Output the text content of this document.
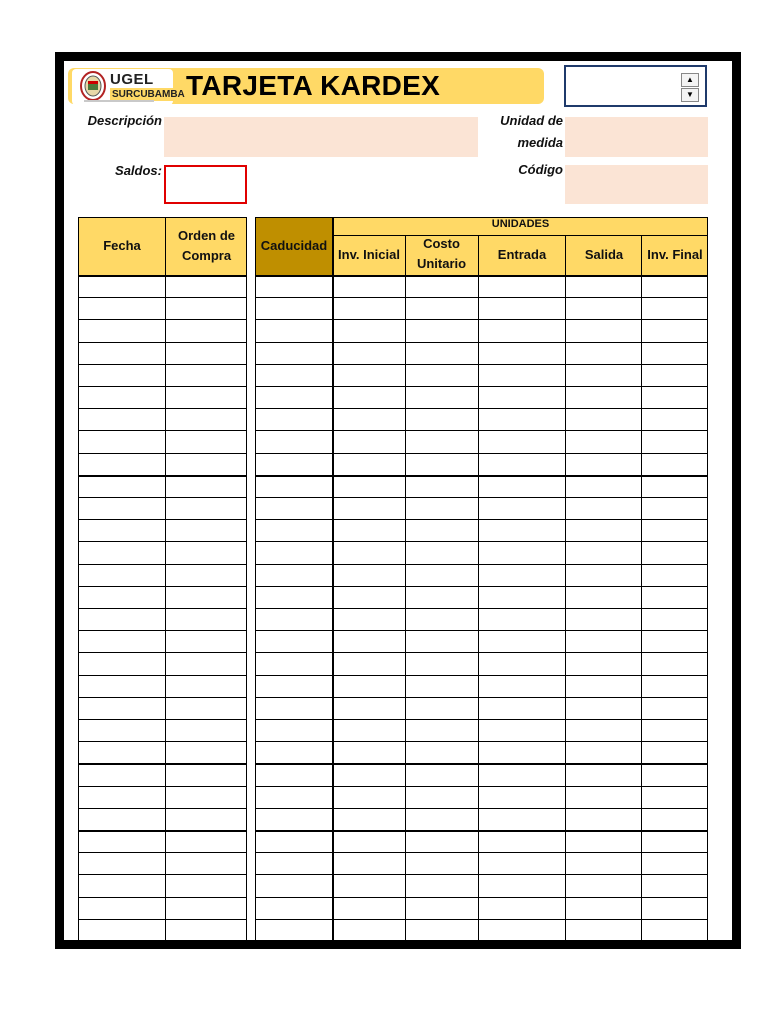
UGEL
SURCUBAMBA TARJETA KARDEX	▲
▼
Descripción
Saldos:
Unidad de
medida
Código
Fecha
Orden de
Compra
Caducidad
UNIDADES
Inv. Inicial
Costo
Unitario
Entrada	Salida Inv. Final
